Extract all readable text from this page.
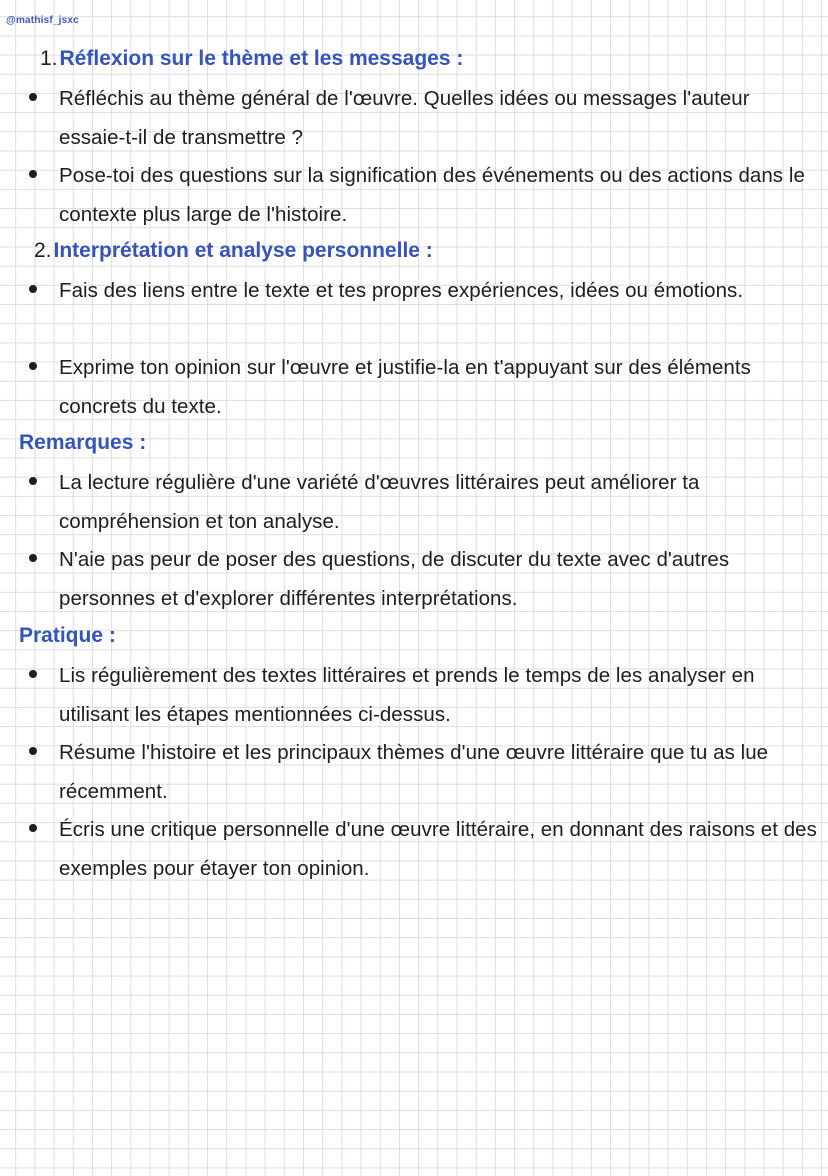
@mathisf_jsxc
1.Réflexion sur le thème et les messages :
Réfléchis au thème général de l'œuvre. Quelles idées ou messages l'auteur essaie-t-il de transmettre ?
Pose-toi des questions sur la signification des événements ou des actions dans le contexte plus large de l'histoire.
2.Interprétation et analyse personnelle :
Fais des liens entre le texte et tes propres expériences, idées ou émotions.
Exprime ton opinion sur l'œuvre et justifie-la en t'appuyant sur des éléments concrets du texte.
Remarques :
La lecture régulière d'une variété d'œuvres littéraires peut améliorer ta compréhension et ton analyse.
N'aie pas peur de poser des questions, de discuter du texte avec d'autres personnes et d'explorer différentes interprétations.
Pratique :
Lis régulièrement des textes littéraires et prends le temps de les analyser en utilisant les étapes mentionnées ci-dessus.
Résume l'histoire et les principaux thèmes d'une œuvre littéraire que tu as lue récemment.
Écris une critique personnelle d'une œuvre littéraire, en donnant des raisons et des exemples pour étayer ton opinion.
